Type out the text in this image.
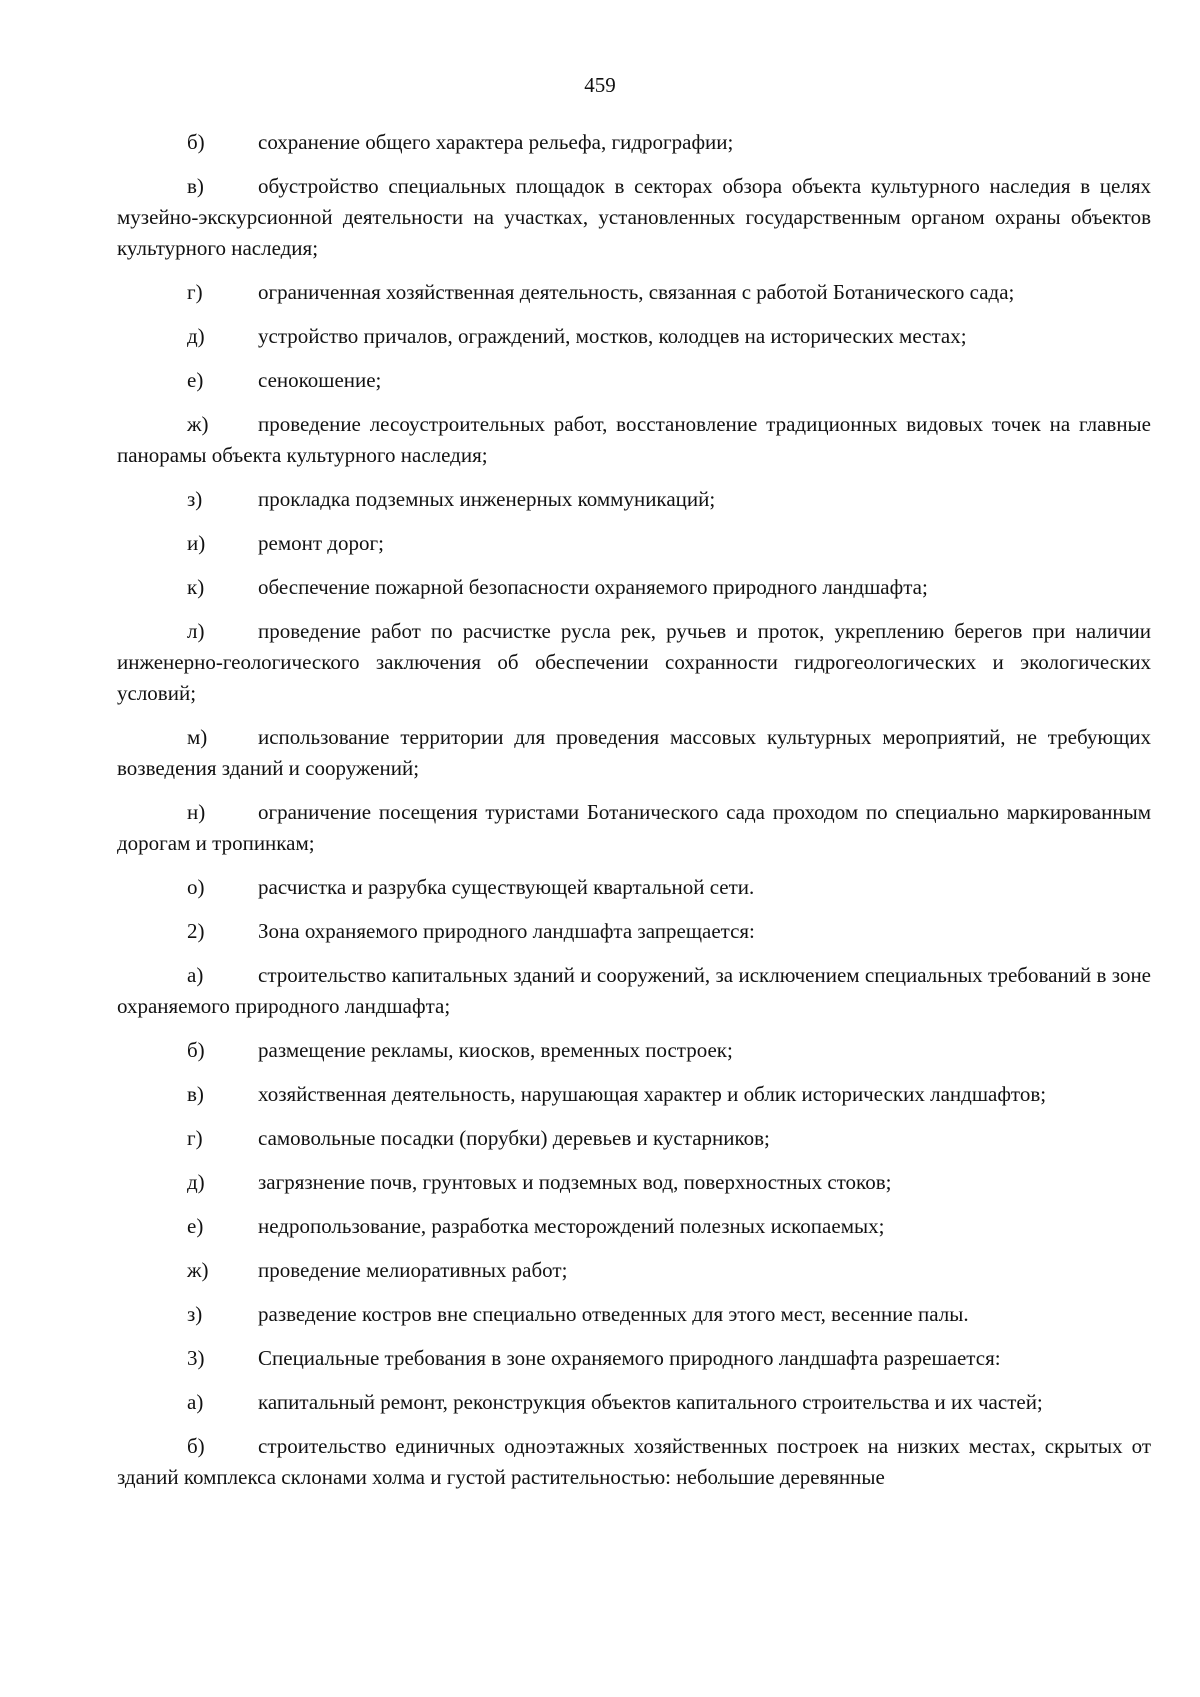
459

б)	сохранение общего характера рельефа, гидрографии;

в)	обустройство специальных площадок в секторах обзора объекта культурного наследия в целях музейно-экскурсионной деятельности на участках, установленных государственным органом охраны объектов культурного наследия;

г)	ограниченная хозяйственная деятельность, связанная с работой Ботанического сада;

д)	устройство причалов, ограждений, мостков, колодцев на исторических местах;

е)	сенокошение;

ж) проведение лесоустроительных работ, восстановление традиционных видовых точек на главные панорамы объекта культурного наследия;

з)	прокладка подземных инженерных коммуникаций;

и)	ремонт дорог;

к)	обеспечение пожарной безопасности охраняемого природного ландшафта;

л)	проведение работ по расчистке русла рек, ручьев и проток, укреплению берегов при наличии инженерно-геологического заключения об обеспечении сохранности гидрогеологических и экологических условий;

м) использование территории для проведения массовых культурных мероприятий, не требующих возведения зданий и сооружений;

н)	ограничение посещения туристами Ботанического сада проходом по специально маркированным дорогам и тропинкам;

о)	расчистка и разрубка существующей квартальной сети.

2)	Зона охраняемого природного ландшафта запрещается:

а)	строительство капитальных зданий и сооружений, за исключением специальных требований в зоне охраняемого природного ландшафта;

б)	размещение рекламы, киосков, временных построек;

в)	хозяйственная деятельность, нарушающая характер и облик исторических ландшафтов;

г)	самовольные посадки (порубки) деревьев и кустарников;

д)	загрязнение почв, грунтовых и подземных вод, поверхностных стоков;

е)	недропользование, разработка месторождений полезных ископаемых;

ж) проведение мелиоративных работ;

з)	разведение костров вне специально отведенных для этого мест, весенние палы.

3)	Специальные требования в зоне охраняемого природного ландшафта разрешается:

а)	капитальный ремонт, реконструкция объектов капитального строительства и их частей;

б)	строительство единичных одноэтажных хозяйственных построек на низких местах, скрытых от зданий комплекса склонами холма и густой растительностью: небольшие деревянные
